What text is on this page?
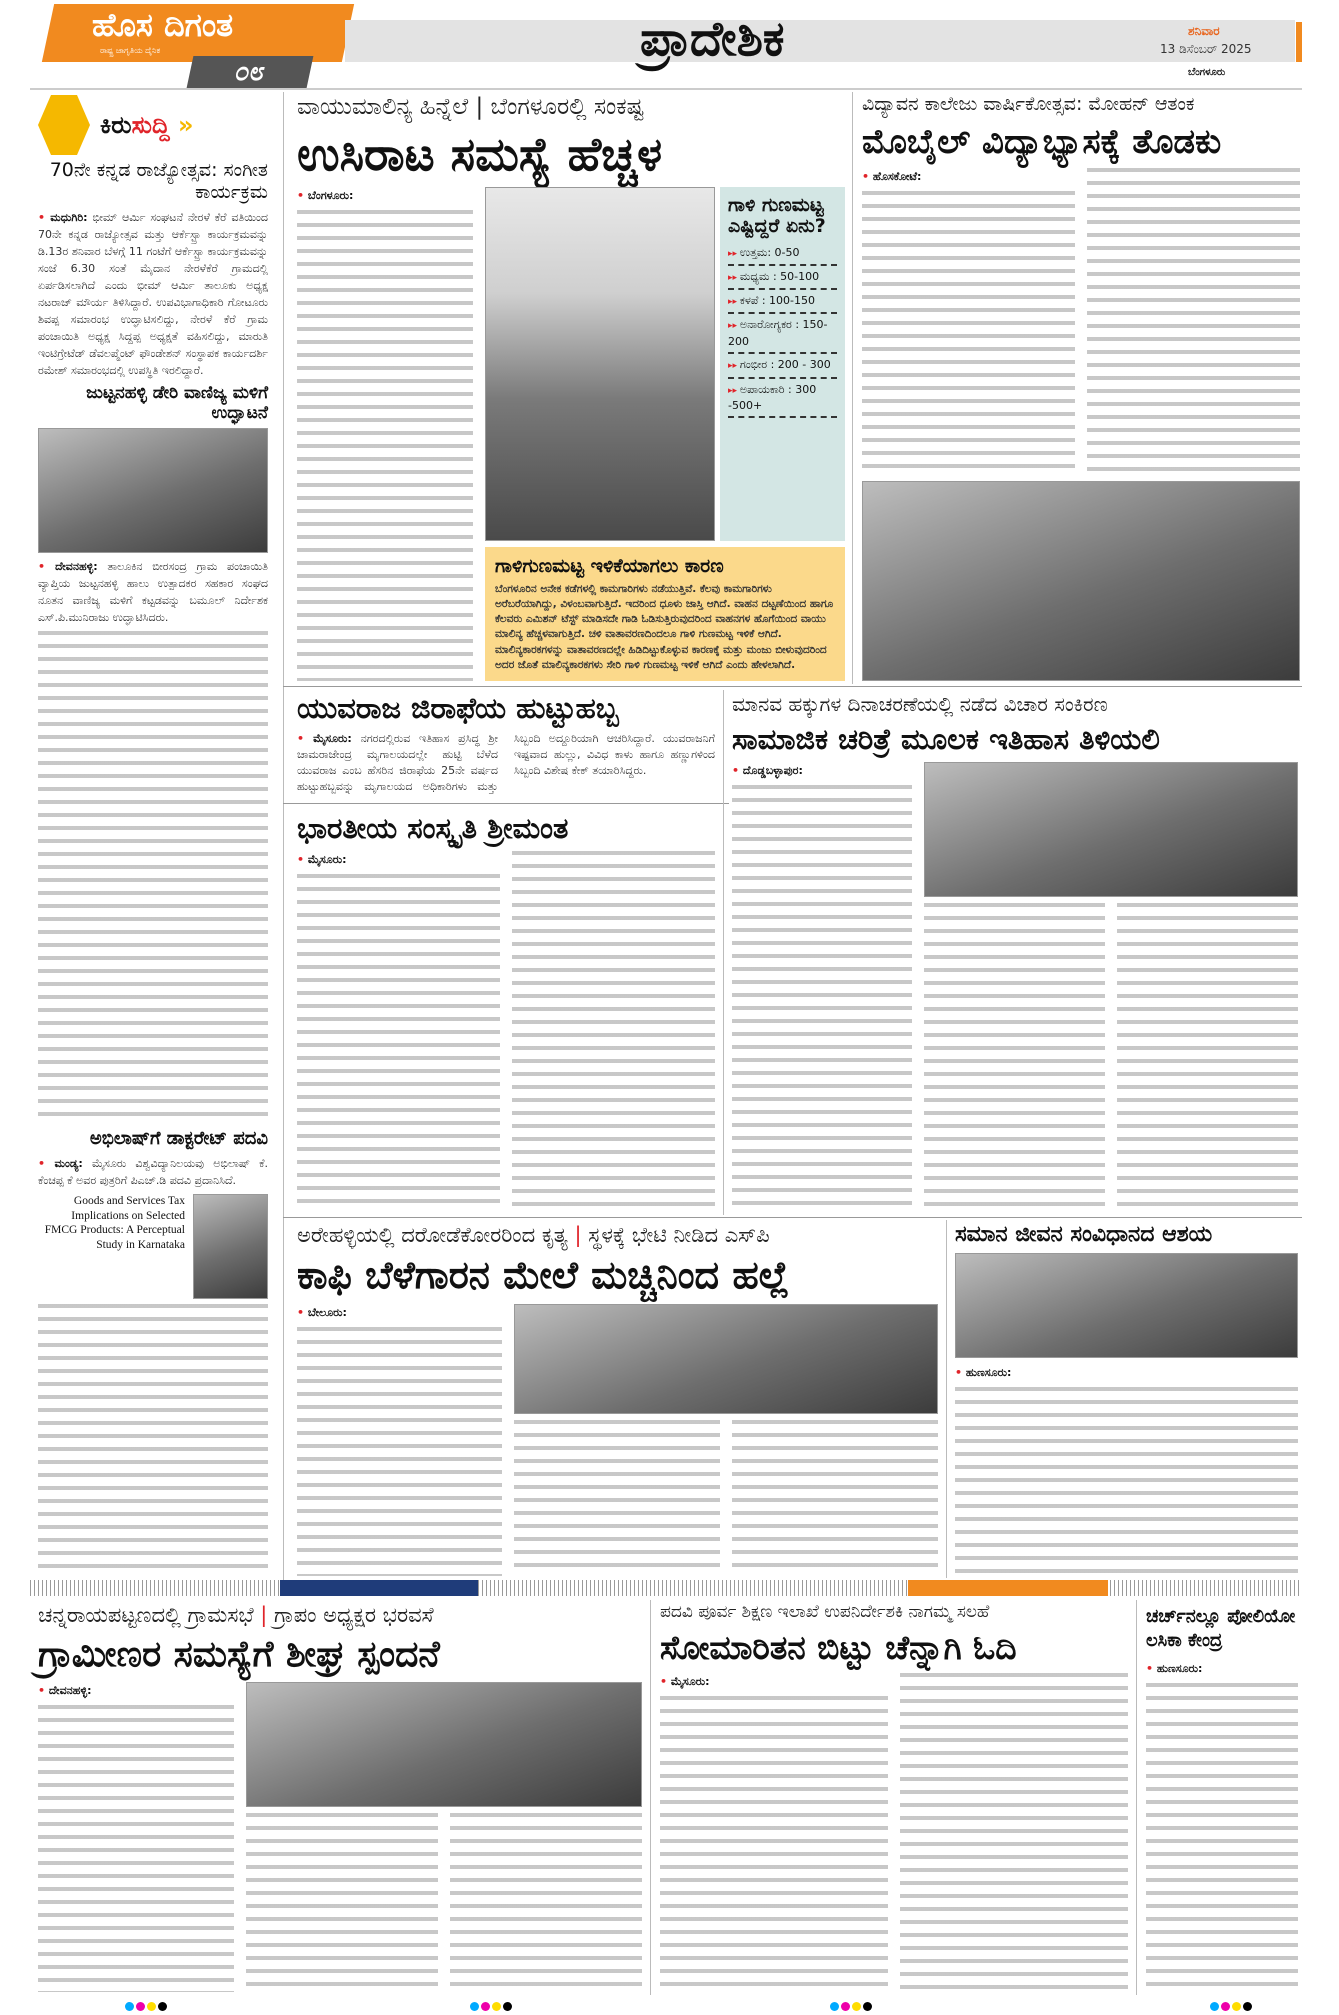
ಹೊಸ ದಿಗಂತ
ರಾಷ್ಟ್ರ ಜಾಗೃತಿಯ ದೈನಿಕ
೦೮
ಪ್ರಾದೇಶಿಕ	ಶನಿವಾರ
13 ಡಿಸೆಂಬರ್ 2025
ಬೆಂಗಳೂರು
ಕಿರುಸುದ್ದಿ »
70ನೇ ಕನ್ನಡ ರಾಜ್ಯೋತ್ಸವ: ಸಂಗೀತ ಕಾರ್ಯಕ್ರಮ
• ಮಧುಗಿರಿ: ಭೀಮ್ ಆರ್ಮಿ ಸಂಘಟನೆ ನೇರಳೆ ಕೆರೆ ವತಿಯಿಂದ 70ನೇ ಕನ್ನಡ ರಾಜ್ಯೋತ್ಸವ ಮತ್ತು ಆರ್ಕೆಸ್ಟ್ರಾ ಕಾರ್ಯಕ್ರಮವನ್ನು ಡಿ.13ರ ಶನಿವಾರ ಬೆಳಗ್ಗೆ 11 ಗಂಟೆಗೆ ಆರ್ಕೆಸ್ಟ್ರಾ ಕಾರ್ಯಕ್ರಮವನ್ನು ಸಂಜೆ 6.30 ಸಂತೆ ಮೈದಾನ ನೇರಳೆಕೆರೆ ಗ್ರಾಮದಲ್ಲಿ ಏರ್ಪಡಿಸಲಾಗಿದೆ ಎಂದು ಭೀಮ್ ಆರ್ಮಿ ತಾಲೂಕು ಅಧ್ಯಕ್ಷ ನಟರಾಜ್ ಮೌರ್ಯ ತಿಳಿಸಿದ್ದಾರೆ. ಉಪವಿಭಾಗಾಧಿಕಾರಿ ಗೋಟೂರು ಶಿವಪ್ಪ ಸಮಾರಂಭ ಉದ್ಘಾಟಿಸಲಿದ್ದು, ನೇರಳೆ ಕೆರೆ ಗ್ರಾಮ ಪಂಚಾಯಿತಿ ಅಧ್ಯಕ್ಷ ಸಿದ್ದಪ್ಪ ಅಧ್ಯಕ್ಷತೆ ವಹಿಸಲಿದ್ದು, ಮಾರುತಿ ಇಂಟಿಗ್ರೇಟೆಡ್ ಡೆವಲಪ್ಮೆಂಟ್ ಫೌಂಡೇಶನ್ ಸಂಸ್ಥಾಪಕ ಕಾರ್ಯದರ್ಶಿ ರಮೇಶ್ ಸಮಾರಂಭದಲ್ಲಿ ಉಪಸ್ಥಿತಿ ಇರಲಿದ್ದಾರೆ.
ಜುಟ್ಟನಹಳ್ಳಿ ಡೇರಿ ವಾಣಿಜ್ಯ ಮಳಿಗೆ ಉದ್ಘಾಟನೆ
• ದೇವನಹಳ್ಳಿ: ತಾಲೂಕಿನ ಬೀರಸಂದ್ರ ಗ್ರಾಮ ಪಂಚಾಯಿತಿ ವ್ಯಾಪ್ತಿಯ ಜುಟ್ಟನಹಳ್ಳಿ ಹಾಲು ಉತ್ಪಾದಕರ ಸಹಕಾರ ಸಂಘದ ನೂತನ ವಾಣಿಜ್ಯ ಮಳಿಗೆ ಕಟ್ಟಡವನ್ನು ಬಮೂಲ್ ನಿರ್ದೇಶಕ ಎಸ್.ಪಿ.ಮುನಿರಾಜು ಉದ್ಘಾಟಿಸಿದರು.
ಅಭಿಲಾಷ್‌ಗೆ ಡಾಕ್ಟರೇಟ್ ಪದವಿ
• ಮಂಡ್ಯ: ಮೈಸೂರು ವಿಶ್ವವಿದ್ಯಾನಿಲಯವು ಅಭಿಲಾಷ್ ಕೆ. ಕೆಂಚಪ್ಪ ಕೆ ಅವರ ಪುತ್ರರಿಗೆ ಪಿಎಚ್.ಡಿ ಪದವಿ ಪ್ರದಾನಿಸಿದೆ.
Goods and Services Tax Implications on Selected FMCG Products: A Perceptual Study in Karnataka
ವಾಯುಮಾಲಿನ್ಯ ಹಿನ್ನೆಲೆ | ಬೆಂಗಳೂರಲ್ಲಿ ಸಂಕಷ್ಟ
ಉಸಿರಾಟ ಸಮಸ್ಯೆ ಹೆಚ್ಚಳ
• ಬೆಂಗಳೂರು:	ಗಾಳಿ ಗುಣಮಟ್ಟ ಎಷ್ಟಿದ್ದರೆ ಏನು?
▸▸ ಉತ್ತಮ: 0-50
▸▸ ಮಧ್ಯಮ : 50-100
▸▸ ಕಳಪೆ : 100-150
▸▸ ಅನಾರೋಗ್ಯಕರ : 150-200
▸▸ ಗಂಭೀರ : 200 - 300
▸▸ ಅಪಾಯಕಾರಿ : 300 -500+
ಗಾಳಿಗುಣಮಟ್ಟ ಇಳಿಕೆಯಾಗಲು ಕಾರಣ

ಬೆಂಗಳೂರಿನ ಅನೇಕ ಕಡೆಗಳಲ್ಲಿ ಕಾಮಗಾರಿಗಳು ನಡೆಯುತ್ತಿವೆ. ಕೆಲವು ಕಾಮಗಾರಿಗಳು ಅರೆಬರೆಯಾಗಿದ್ದು, ವಿಳಂಬವಾಗುತ್ತಿದೆ. ಇದರಿಂದ ಧೂಳು ಜಾಸ್ತಿ ಆಗಿದೆ. ವಾಹನ ದಟ್ಟಣೆಯಿಂದ ಹಾಗೂ ಕೆಲವರು ಎಮಿಶನ್ ಟೆಸ್ಟ್ ಮಾಡಿಸದೇ ಗಾಡಿ ಓಡಿಸುತ್ತಿರುವುದರಿಂದ ವಾಹನಗಳ ಹೊಗೆಯಿಂದ ವಾಯು ಮಾಲಿನ್ಯ ಹೆಚ್ಚಳವಾಗುತ್ತಿದೆ. ಚಳಿ ವಾತಾವರಣದಿಂದಲೂ ಗಾಳಿ ಗುಣಮಟ್ಟ ಇಳಿಕೆ ಆಗಿದೆ. ಮಾಲಿನ್ಯಕಾರಕಗಳನ್ನು ವಾತಾವರಣದಲ್ಲೇ ಹಿಡಿದಿಟ್ಟುಕೊಳ್ಳುವ ಕಾರಣಕ್ಕೆ ಮತ್ತು ಮಂಜು ಬೀಳುವುದರಿಂದ ಅದರ ಜೊತೆ ಮಾಲಿನ್ಯಕಾರಕಗಳು ಸೇರಿ ಗಾಳಿ ಗುಣಮಟ್ಟ ಇಳಿಕೆ ಆಗಿದೆ ಎಂದು ಹೇಳಲಾಗಿದೆ.

ವಿದ್ಯಾವನ ಕಾಲೇಜು ವಾರ್ಷಿಕೋತ್ಸವ: ಮೋಹನ್ ಆತಂಕ
ಮೊಬೈಲ್ ವಿದ್ಯಾಭ್ಯಾಸಕ್ಕೆ ತೊಡಕು
• ಹೊಸಕೋಟೆ:
ಯುವರಾಜ ಜಿರಾಫೆಯ ಹುಟ್ಟುಹಬ್ಬ
• ಮೈಸೂರು: ನಗರದಲ್ಲಿರುವ ಇತಿಹಾಸ ಪ್ರಸಿದ್ಧ ಶ್ರೀ ಚಾಮರಾಜೇಂದ್ರ ಮೃಗಾಲಯದಲ್ಲೇ ಹುಟ್ಟಿ ಬೆಳೆದ ಯುವರಾಜ ಎಂಬ ಹೆಸರಿನ ಜಿರಾಫೆಯ 25ನೇ ವರ್ಷದ ಹುಟ್ಟುಹಬ್ಬವನ್ನು ಮೃಗಾಲಯದ ಅಧಿಕಾರಿಗಳು ಮತ್ತು ಸಿಬ್ಬಂದಿ ಅದ್ದೂರಿಯಾಗಿ ಆಚರಿಸಿದ್ದಾರೆ. ಯುವರಾಜನಿಗೆ ಇಷ್ಟವಾದ ಹುಲ್ಲು, ವಿವಿಧ ಕಾಳು ಹಾಗೂ ಹಣ್ಣುಗಳಿಂದ ಸಿಬ್ಬಂದಿ ವಿಶೇಷ ಕೇಕ್ ತಯಾರಿಸಿದ್ದರು.
ಭಾರತೀಯ ಸಂಸ್ಕೃತಿ ಶ್ರೀಮಂತ
• ಮೈಸೂರು:
ಮಾನವ ಹಕ್ಕುಗಳ ದಿನಾಚರಣೆಯಲ್ಲಿ ನಡೆದ ವಿಚಾರ ಸಂಕಿರಣ
ಸಾಮಾಜಿಕ ಚರಿತ್ರೆ ಮೂಲಕ ಇತಿಹಾಸ ತಿಳಿಯಲಿ
• ದೊಡ್ಡಬಳ್ಳಾಪುರ:
ಅರೇಹಳ್ಳಿಯಲ್ಲಿ ದರೋಡೆಕೋರರಿಂದ ಕೃತ್ಯ | ಸ್ಥಳಕ್ಕೆ ಭೇಟಿ ನೀಡಿದ ಎಸ್‌ಪಿ
ಕಾಫಿ ಬೆಳೆಗಾರನ ಮೇಲೆ ಮಚ್ಚಿನಿಂದ ಹಲ್ಲೆ
• ಬೇಲೂರು:
ಸಮಾನ ಜೀವನ ಸಂವಿಧಾನದ ಆಶಯ
• ಹುಣಸೂರು:
ಚನ್ನರಾಯಪಟ್ಟಣದಲ್ಲಿ ಗ್ರಾಮಸಭೆ | ಗ್ರಾಪಂ ಅಧ್ಯಕ್ಷರ ಭರವಸೆ
ಗ್ರಾಮೀಣರ ಸಮಸ್ಯೆಗೆ ಶೀಘ್ರ ಸ್ಪಂದನೆ
• ದೇವನಹಳ್ಳಿ:
ಪದವಿ ಪೂರ್ವ ಶಿಕ್ಷಣ ಇಲಾಖೆ ಉಪನಿರ್ದೇಶಕಿ ನಾಗಮ್ಮ ಸಲಹೆ
ಸೋಮಾರಿತನ ಬಿಟ್ಟು ಚೆನ್ನಾಗಿ ಓದಿ
• ಮೈಸೂರು:
ಚರ್ಚ್‌ನಲ್ಲೂ ಪೋಲಿಯೋ ಲಸಿಕಾ ಕೇಂದ್ರ
• ಹುಣಸೂರು:
